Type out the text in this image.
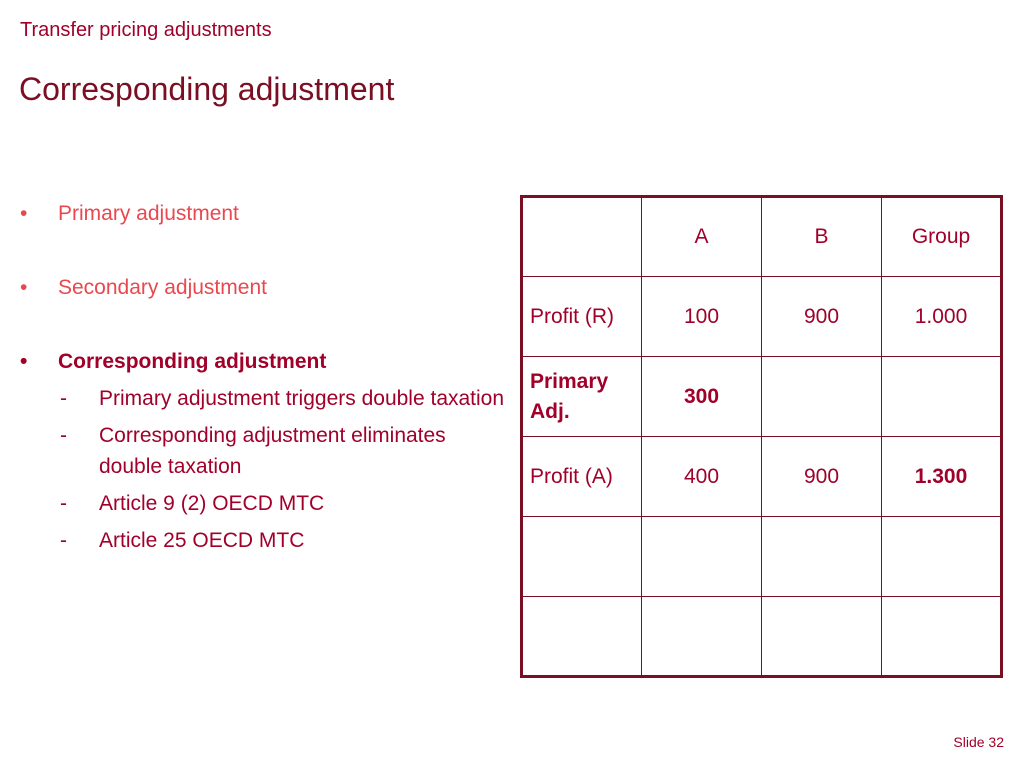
Transfer pricing adjustments
Corresponding adjustment
• Primary adjustment
• Secondary adjustment
• Corresponding adjustment
- Primary adjustment triggers double taxation
- Corresponding adjustment eliminates double taxation
- Article 9 (2) OECD MTC
- Article 25 OECD MTC
	A	B	Group
Profit (R)	100	900	1.000
Primary Adj.	300		
Profit (A)	400	900	1.300

Slide 32
